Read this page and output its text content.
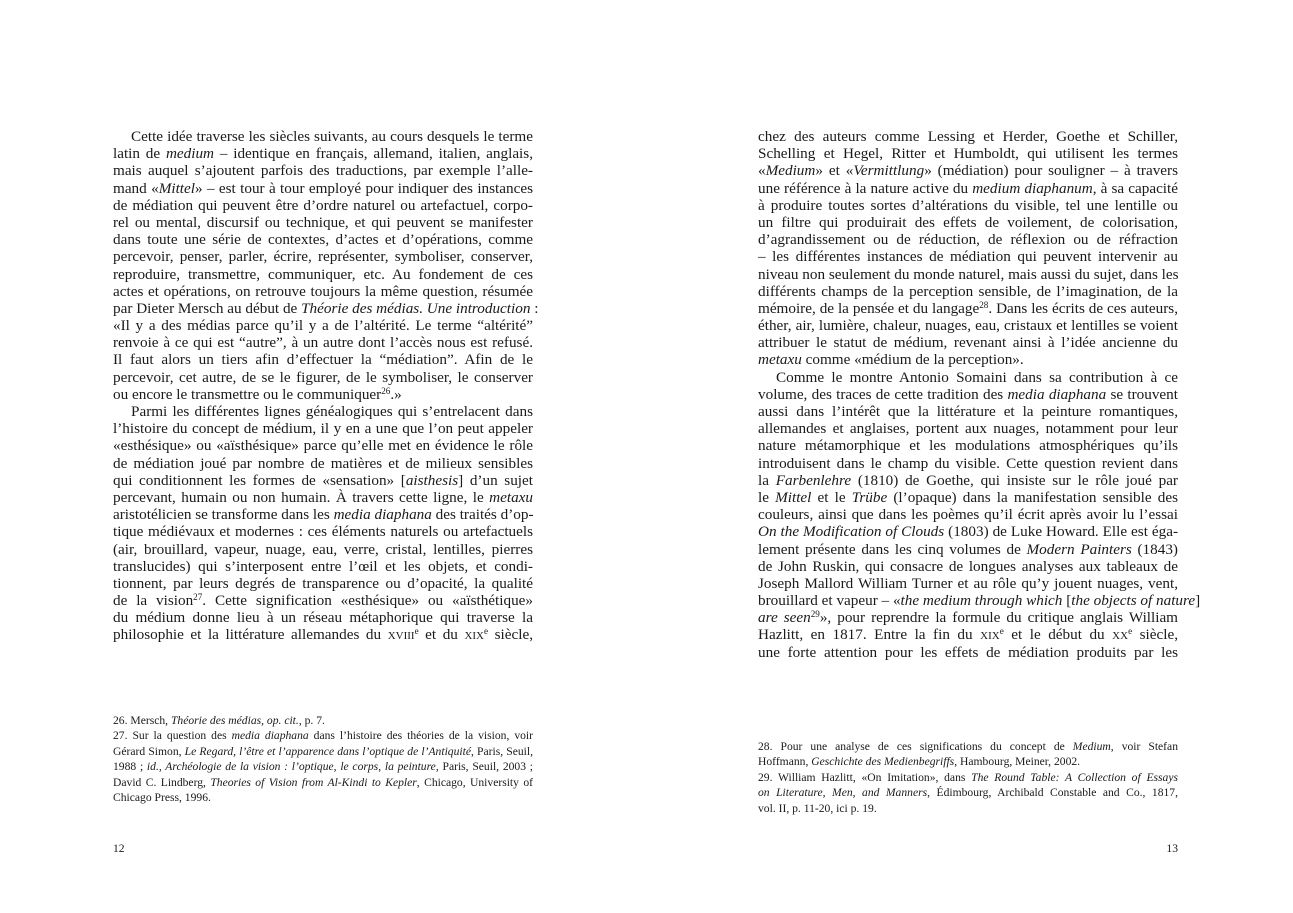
Cette idée traverse les siècles suivants, au cours desquels le terme
latin de medium – identique en français, allemand, italien, anglais,
mais auquel s’ajoutent parfois des traductions, par exemple l’alle-
mand «Mittel» – est tour à tour employé pour indiquer des instances
de médiation qui peuvent être d’ordre naturel ou artefactuel, corpo-
rel ou mental, discursif ou technique, et qui peuvent se manifester
dans toute une série de contextes, d’actes et d’opérations, comme
percevoir, penser, parler, écrire, représenter, symboliser, conserver,
reproduire, transmettre, communiquer, etc. Au fondement de ces
actes et opérations, on retrouve toujours la même question, résumée
par Dieter Mersch au début de Théorie des médias. Une introduction :
«Il y a des médias parce qu’il y a de l’altérité. Le terme “altérité”
renvoie à ce qui est “autre”, à un autre dont l’accès nous est refusé.
Il faut alors un tiers afin d’effectuer la “médiation”. Afin de le
percevoir, cet autre, de se le figurer, de le symboliser, le conserver
ou encore le transmettre ou le communiquer$^{26}$.»
Parmi les différentes lignes généalogiques qui s’entrelacent dans
l’histoire du concept de médium, il y en a une que l’on peut appeler
«esthésique» ou «aïsthésique» parce qu’elle met en évidence le rôle
de médiation joué par nombre de matières et de milieux sensibles
qui conditionnent les formes de «sensation» [aisthesis] d’un sujet
percevant, humain ou non humain. À travers cette ligne, le metaxu
aristotélicien se transforme dans les media diaphana des traités d’op-
tique médiévaux et modernes : ces éléments naturels ou artefactuels
(air, brouillard, vapeur, nuage, eau, verre, cristal, lentilles, pierres
translucides) qui s’interposent entre l’œil et les objets, et condi-
tionnent, par leurs degrés de transparence ou d’opacité, la qualité
de la vision$^{27}$. Cette signification «esthésique» ou «aïsthétique»
du médium donne lieu à un réseau métaphorique qui traverse la
philosophie et la littérature allemandes du xviii$^e$ et du xix$^e$ siècle,
26. Mersch, Théorie des médias, op. cit., p. 7.
27. Sur la question des media diaphana dans l’histoire des théories de la vision, voir
Gérard Simon, Le Regard, l’être et l’apparence dans l’optique de l’Antiquité, Paris, Seuil,
1988 ; id., Archéologie de la vision : l’optique, le corps, la peinture, Paris, Seuil, 2003 ;
David C. Lindberg, Theories of Vision from Al-Kindi to Kepler, Chicago, University of
Chicago Press, 1996.
12
chez des auteurs comme Lessing et Herder, Goethe et Schiller,
Schelling et Hegel, Ritter et Humboldt, qui utilisent les termes
«Medium» et «Vermittlung» (médiation) pour souligner – à travers
une référence à la nature active du medium diaphanum, à sa capacité
à produire toutes sortes d’altérations du visible, tel une lentille ou
un filtre qui produirait des effets de voilement, de colorisation,
d’agrandissement ou de réduction, de réflexion ou de réfraction
– les différentes instances de médiation qui peuvent intervenir au
niveau non seulement du monde naturel, mais aussi du sujet, dans les
différents champs de la perception sensible, de l’imagination, de la
mémoire, de la pensée et du langage$^{28}$. Dans les écrits de ces auteurs,
éther, air, lumière, chaleur, nuages, eau, cristaux et lentilles se voient
attribuer le statut de médium, revenant ainsi à l’idée ancienne du
metaxu comme «médium de la perception».
Comme le montre Antonio Somaini dans sa contribution à ce
volume, des traces de cette tradition des media diaphana se trouvent
aussi dans l’intérêt que la littérature et la peinture romantiques,
allemandes et anglaises, portent aux nuages, notamment pour leur
nature métamorphique et les modulations atmosphériques qu’ils
introduisent dans le champ du visible. Cette question revient dans
la Farbenlehre (1810) de Goethe, qui insiste sur le rôle joué par
le Mittel et le Trübe (l’opaque) dans la manifestation sensible des
couleurs, ainsi que dans les poèmes qu’il écrit après avoir lu l’essai
On the Modification of Clouds (1803) de Luke Howard. Elle est éga-
lement présente dans les cinq volumes de Modern Painters (1843)
de John Ruskin, qui consacre de longues analyses aux tableaux de
Joseph Mallord William Turner et au rôle qu’y jouent nuages, vent,
brouillard et vapeur – «the medium through which [the objects of nature]
are seen$^{29}$», pour reprendre la formule du critique anglais William
Hazlitt, en 1817. Entre la fin du xix$^e$ et le début du $xx^e$ siècle,
une forte attention pour les effets de médiation produits par les
28. Pour une analyse de ces significations du concept de Medium, voir Stefan
Hoffmann, Geschichte des Medienbegriffs, Hambourg, Meiner, 2002.
29. William Hazlitt, «On Imitation», dans The Round Table: A Collection of Essays
on Literature, Men, and Manners, Édimbourg, Archibald Constable and Co., 1817,
vol. II, p. 11-20, ici p. 19.
13
